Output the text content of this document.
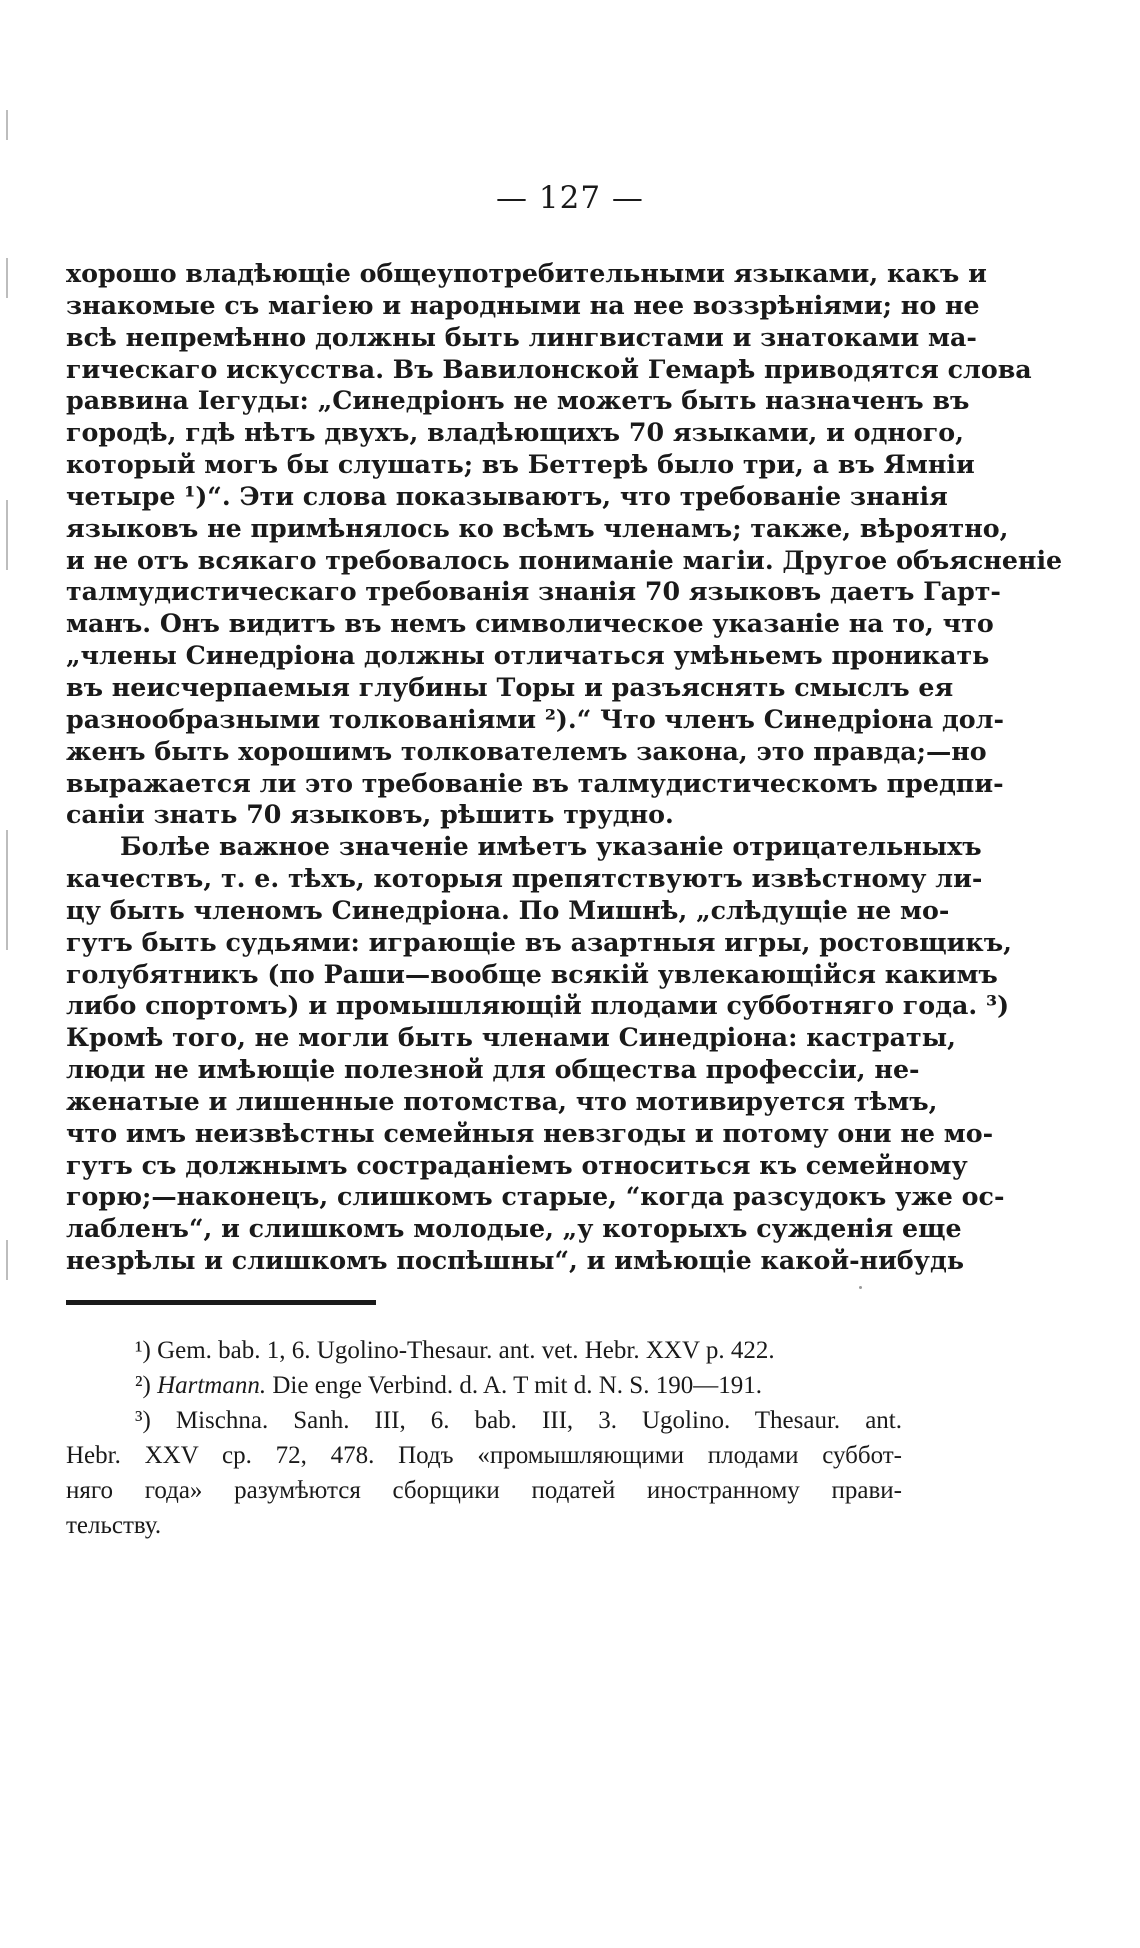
— 127 —
хорошо владѣющіе общеупотребительными языками, какъ и
знакомые съ магіею и народными на нее воззрѣніями; но не
всѣ непремѣнно должны быть лингвистами и знатоками ма-
гическаго искусства. Въ Вавилонской Гемарѣ приводятся слова
раввина Іегуды: „Синедріонъ не можетъ быть назначенъ въ
городѣ, гдѣ нѣтъ двухъ, владѣющихъ 70 языками, и одного,
который могъ бы слушать; въ Беттерѣ было три, а въ Ямніи
четыре ¹)“. Эти слова показываютъ, что требованіе знанія
языковъ не примѣнялось ко всѣмъ членамъ; также, вѣроятно,
и не отъ всякаго требовалось пониманіе магіи. Другое объясненіе
талмудистическаго требованія знанія 70 языковъ даетъ Гарт-
манъ. Онъ видитъ въ немъ символическое указаніе на то, что
„члены Синедріона должны отличаться умѣньемъ проникать
въ неисчерпаемыя глубины Торы и разъяснять смыслъ ея
разнообразными толкованіями ²).“ Что членъ Синедріона дол-
женъ быть хорошимъ толкователемъ закона, это правда;—но
выражается ли это требованіе въ талмудистическомъ предпи-
саніи знать 70 языковъ, рѣшить трудно.
Болѣе важное значеніе имѣетъ указаніе отрицательныхъ
качествъ, т. е. тѣхъ, которыя препятствуютъ извѣстному ли-
цу быть членомъ Синедріона. По Мишнѣ, „слѣдущіе не мо-
гутъ быть судьями: играющіе въ азартныя игры, ростовщикъ,
голубятникъ (по Раши—вообще всякій увлекающійся какимъ
либо спортомъ) и промышляющій плодами субботняго года. ³)
Кромѣ того, не могли быть членами Синедріона: кастраты,
люди не имѣющіе полезной для общества профессіи, не-
женатые и лишенные потомства, что мотивируется тѣмъ,
что имъ неизвѣстны семейныя невзгоды и потому они не мо-
гутъ съ должнымъ состраданіемъ относиться къ семейному
горю;—наконецъ, слишкомъ старые, “когда разсудокъ уже ос-
лабленъ“, и слишкомъ молодые, „у которыхъ сужденія еще
незрѣлы и слишкомъ поспѣшны“, и имѣющіе какой-нибудь
¹) Gem. bab. 1, 6. Ugolino-Thesaur. ant. vet. Hebr. XXV p. 422.
²) Hartmann. Die enge Verbind. d. A. T mit d. N. S. 190—191.
³) Mischna. Sanh. III, 6. bab. III, 3. Ugolino. Thesaur. ant.
Hebr. XXV ср. 72, 478. Подъ «промышляющими плодами суббот-
няго года» разумѣются сборщики податей иностранному прави-
тельству.
